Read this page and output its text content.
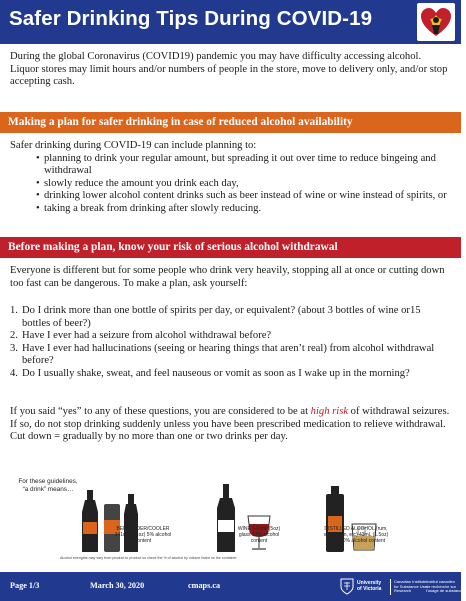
Safer Drinking Tips During COVID-19

During the global Coronavirus (COVID19) pandemic you may have difficulty accessing alcohol. Liquor stores may limit hours and/or numbers of people in the store, move to delivery only, and/or stop accepting cash.

Making a plan for safer drinking in case of reduced alcohol availability

Safer drinking during COVID-19 can include planning to:

• planning to drink your regular amount, but spreading it out over time to reduce bingeing and withdrawal
• slowly reduce the amount you drink each day,
• drinking lower alcohol content drinks such as beer instead of wine or wine instead of spirits, or
• taking a break from drinking after slowly reducing.
Before making a plan, know your risk of serious alcohol withdrawal

Everyone is different but for some people who drink very heavily, stopping all at once or cutting down too fast can be dangerous. To make a plan, ask yourself:

1. Do I drink more than one bottle of spirits per day, or equivalent? (about 3 bottles of wine or15 bottles of beer?)
2. Have I ever had a seizure from alcohol withdrawal before?
3. Have I ever had hallucinations (seeing or hearing things that aren’t real) from alcohol withdrawal before?
4. Do I usually shake, sweat, and feel nauseous or vomit as soon as I wake up in the morning?

If you said “yes” to any of these questions, you are considered to be at high risk of withdrawal seizures.

If so, do not stop drinking suddenly unless you have been prescribed medication to relieve withdrawal. Cut down = gradually by no more than one or two drinks per day.

For these guidelines, “a drink” means…
BEER/CIDER/COOLER 341mL (12oz) 5% alcohol content
WINE 142mL (5oz) glass 12% alcohol content
DISTILLED ALCOHOL (rum, vodka, gin, etc) 43mL (1.5oz) glass 40% alcohol content
Alcohol strengths may vary from product to product so check the % of alcohol by volume listed on the container.
Page 1/3	March 30, 2020	cmaps.ca	University
of Victoria
Canadian Institute
for Substance Use
Research
Institut canadien
de recherche sur
l’usage de substances
